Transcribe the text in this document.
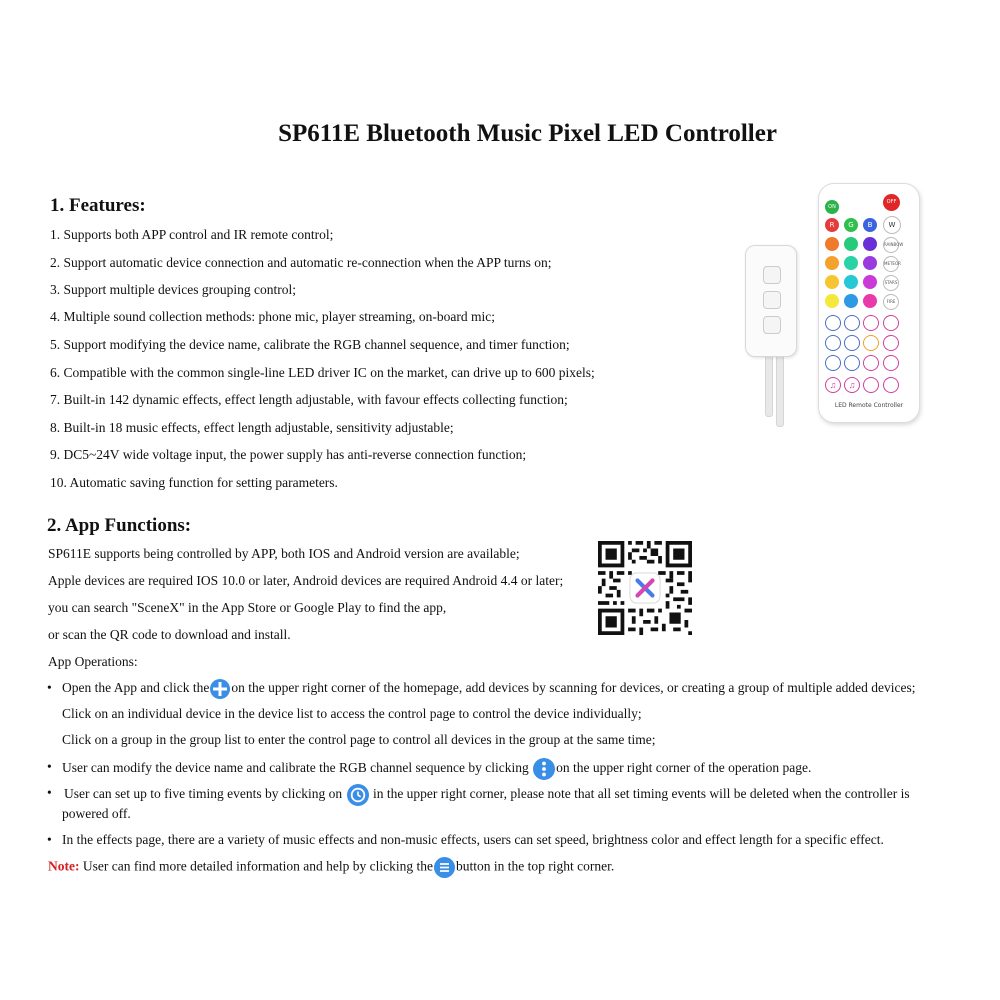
SP611E Bluetooth Music Pixel LED Controller
1. Features:
1. Supports both APP control and IR remote control;
2. Support automatic device connection and automatic re-connection when the APP turns on;
3. Support multiple devices grouping control;
4. Multiple sound collection methods: phone mic, player streaming, on-board mic;
5. Support modifying the device name, calibrate the RGB channel sequence, and timer function;
6. Compatible with the common single-line LED driver IC on the market, can drive up to 600 pixels;
7. Built-in 142 dynamic effects, effect length adjustable, with favour effects collecting function;
8. Built-in 18 music effects, effect length adjustable, sensitivity adjustable;
9. DC5~24V wide voltage input, the power supply has anti-reverse connection function;
10. Automatic saving function for setting parameters.
ON
OFF
R	G	B	W
RAINBOW
METEOR
STARS
FIRE
♫	♫
LED Remote Controller
2. App Functions:
SP611E supports being controlled by APP, both IOS and Android version are available;
Apple devices are required IOS 10.0 or later, Android devices are required Android 4.4 or later;
you can search "SceneX" in the App Store or Google Play to find the app,
or scan the QR code to download and install.
App Operations:
• Open the App and click the on the upper right corner of the homepage, add devices by scanning for devices, or creating a group of multiple added devices;
Click on an individual device in the device list to access the control page to control the device individually;
Click on a group in the group list to enter the control page to control all devices in the group at the same time;
• User can modify the device name and calibrate the RGB channel sequence by clicking on the upper right corner of the operation page.
• User can set up to five timing events by clicking on in the upper right corner, please note that all set timing events will be deleted when the controller is
powered off.
• In the effects page, there are a variety of music effects and non-music effects, users can set speed, brightness color and effect length for a specific effect.
Note: User can find more detailed information and help by clicking the button in the top right corner.
